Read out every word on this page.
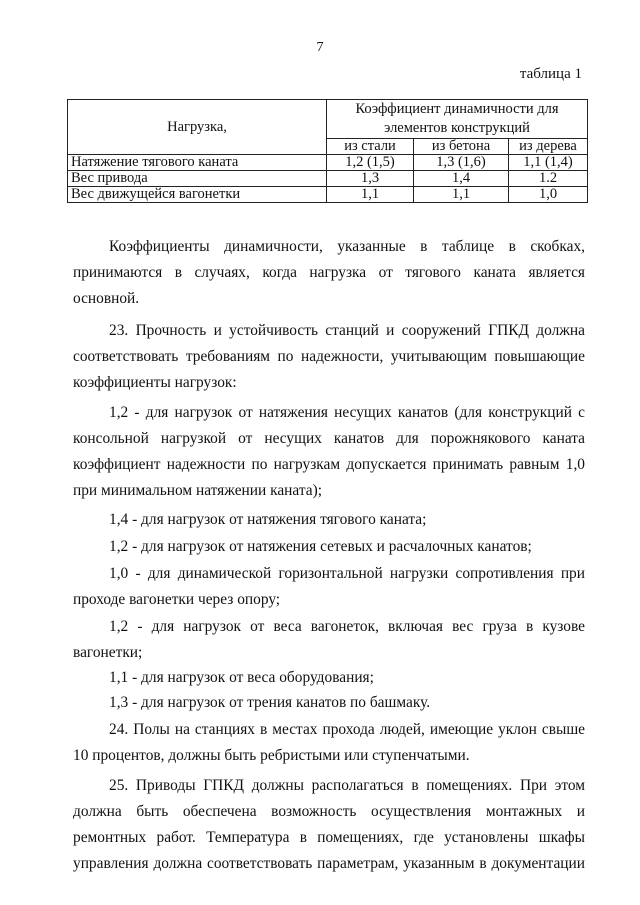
7
таблица 1
Нагрузка,	Коэффициент динамичности для элементов конструкций		
	из стали	из бетона	из дерева
Натяжение тягового каната	1,2 (1,5)	1,3 (1,6)	1,1 (1,4)
Вес привода	1,3	1,4	1.2
Вес движущейся вагонетки	1,1	1,1	1,0

Коэффициенты динамичности, указанные в таблице в скобках, принимаются в случаях, когда нагрузка от тягового каната является основной.

23. Прочность и устойчивость станций и сооружений ГПКД должна соответствовать требованиям по надежности, учитывающим повышающие коэффициенты нагрузок:

1,2 - для нагрузок от натяжения несущих канатов (для конструкций с консольной нагрузкой от несущих канатов для порожнякового каната коэффициент надежности по нагрузкам допускается принимать равным 1,0 при минимальном натяжении каната);

1,4 - для нагрузок от натяжения тягового каната;

1,2 - для нагрузок от натяжения сетевых и расчалочных канатов;

1,0 - для динамической горизонтальной нагрузки сопротивления при проходе вагонетки через опору;

1,2 - для нагрузок от веса вагонеток, включая вес груза в кузове вагонетки;

1,1 - для нагрузок от веса оборудования;

1,3 - для нагрузок от трения канатов по башмаку.

24. Полы на станциях в местах прохода людей, имеющие уклон свыше 10 процентов, должны быть ребристыми или ступенчатыми.

25. Приводы ГПКД должны располагаться в помещениях. При этом должна быть обеспечена возможность осуществления монтажных и ремонтных работ. Температура в помещениях, где установлены шкафы управления должна соответствовать параметрам, указанным в документации
